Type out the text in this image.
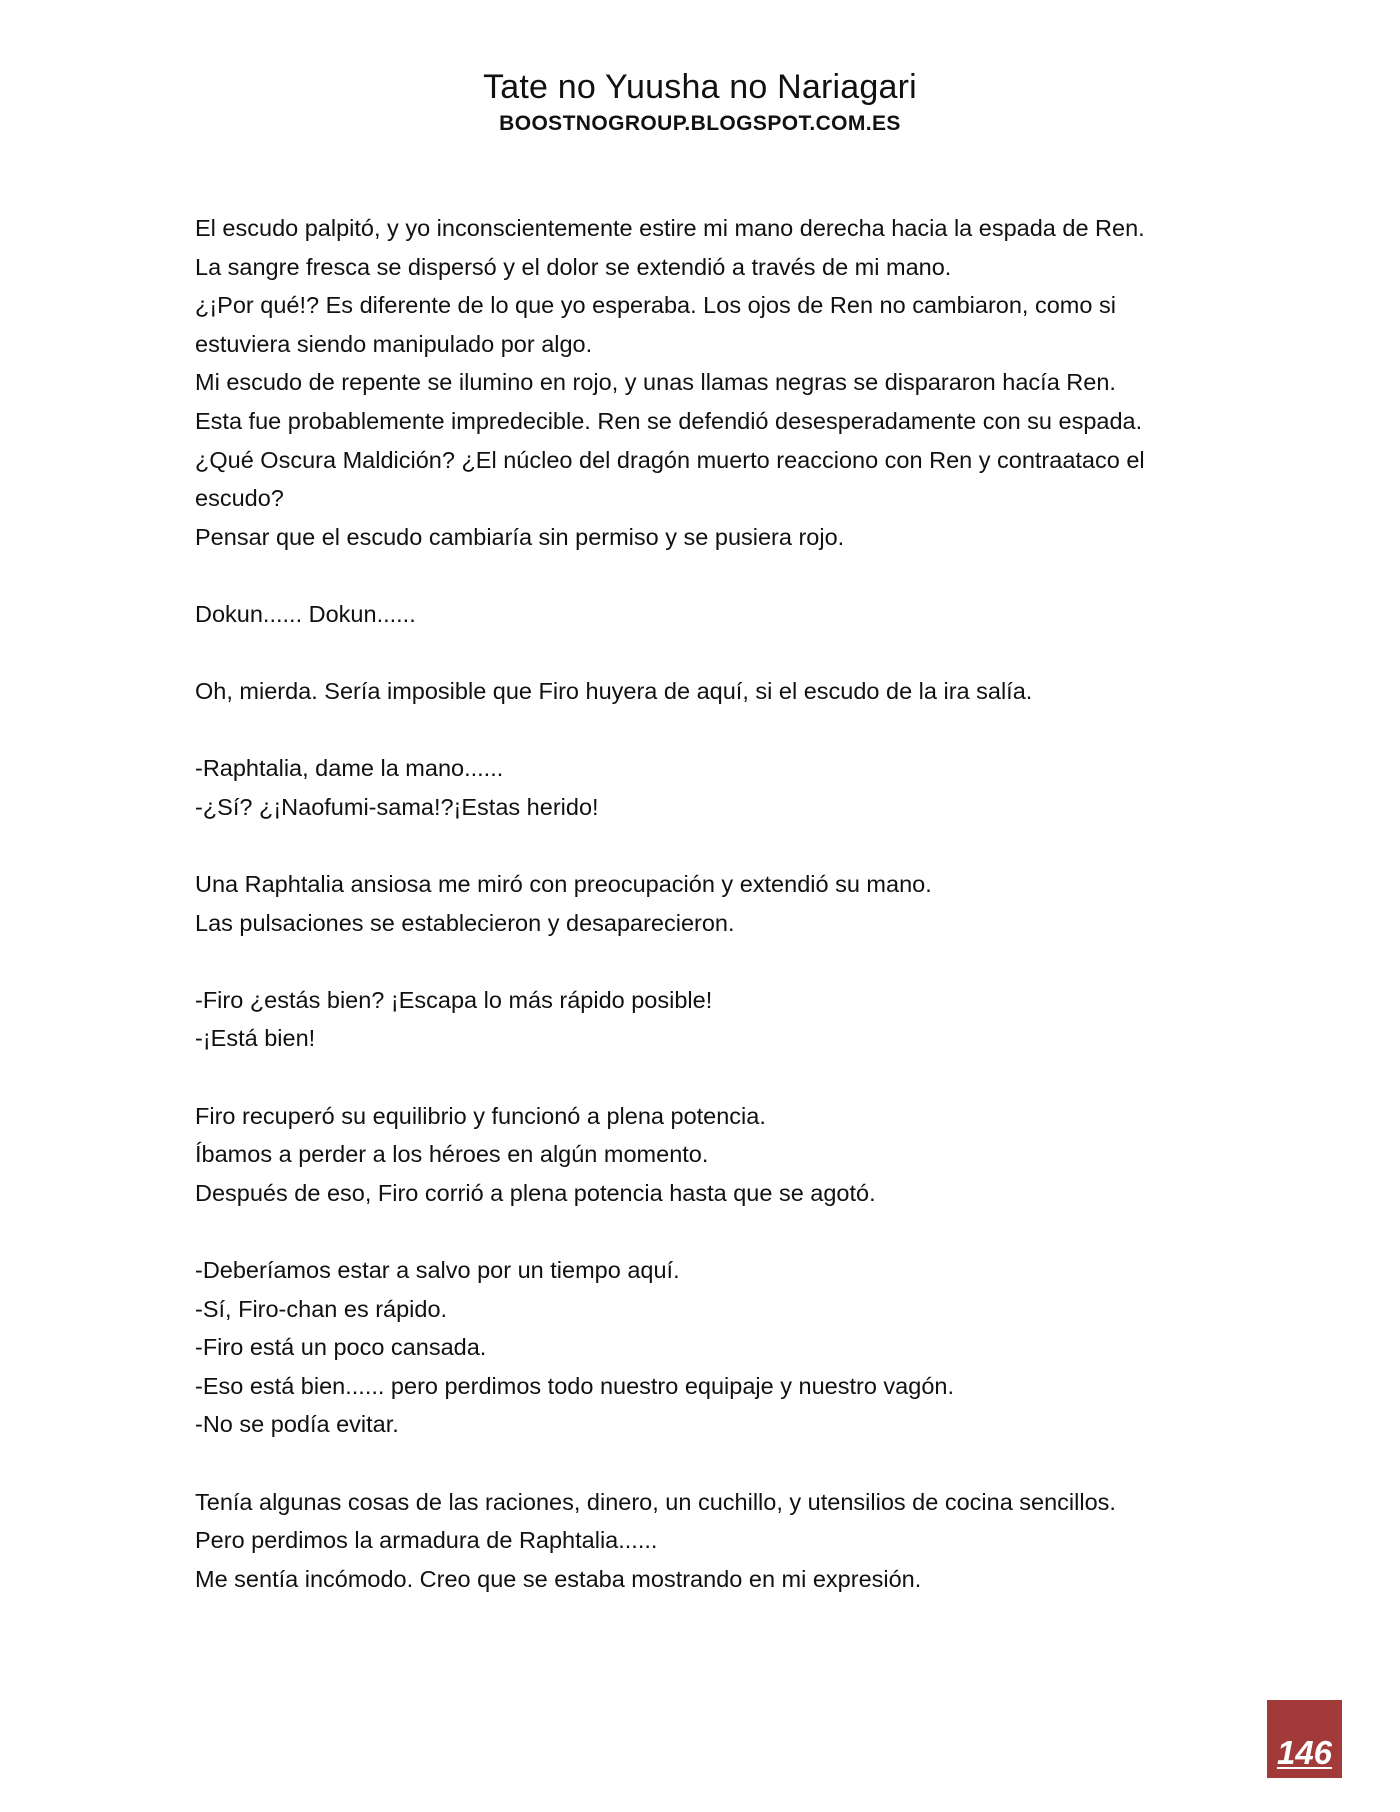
Tate no Yuusha no Nariagari
BOOSTNOGROUP.BLOGSPOT.COM.ES
El escudo palpitó, y yo inconscientemente estire mi mano derecha hacia la espada de Ren.
La sangre fresca se dispersó y el dolor se extendió a través de mi mano.
¿¡Por qué!? Es diferente de lo que yo esperaba. Los ojos de Ren no cambiaron, como si
estuviera siendo manipulado por algo.
Mi escudo de repente se ilumino en rojo, y unas llamas negras se dispararon hacía Ren.
Esta fue probablemente impredecible. Ren se defendió desesperadamente con su espada.
¿Qué Oscura Maldición? ¿El núcleo del dragón muerto reacciono con Ren y contraataco el
escudo?
Pensar que el escudo cambiaría sin permiso y se pusiera rojo.
Dokun...... Dokun......
Oh, mierda. Sería imposible que Firo huyera de aquí, si el escudo de la ira salía.
-Raphtalia, dame la mano......
-¿Sí? ¿¡Naofumi-sama!?¡Estas herido!
Una Raphtalia ansiosa me miró con preocupación y extendió su mano.
Las pulsaciones se establecieron y desaparecieron.
-Firo ¿estás bien? ¡Escapa lo más rápido posible!
-¡Está bien!
Firo recuperó su equilibrio y funcionó a plena potencia.
Íbamos a perder a los héroes en algún momento.
Después de eso, Firo corrió a plena potencia hasta que se agotó.
-Deberíamos estar a salvo por un tiempo aquí.
-Sí, Firo-chan es rápido.
-Firo está un poco cansada.
-Eso está bien...... pero perdimos todo nuestro equipaje y nuestro vagón.
-No se podía evitar.
Tenía algunas cosas de las raciones, dinero, un cuchillo, y utensilios de cocina sencillos.
Pero perdimos la armadura de Raphtalia......
Me sentía incómodo. Creo que se estaba mostrando en mi expresión.
146
